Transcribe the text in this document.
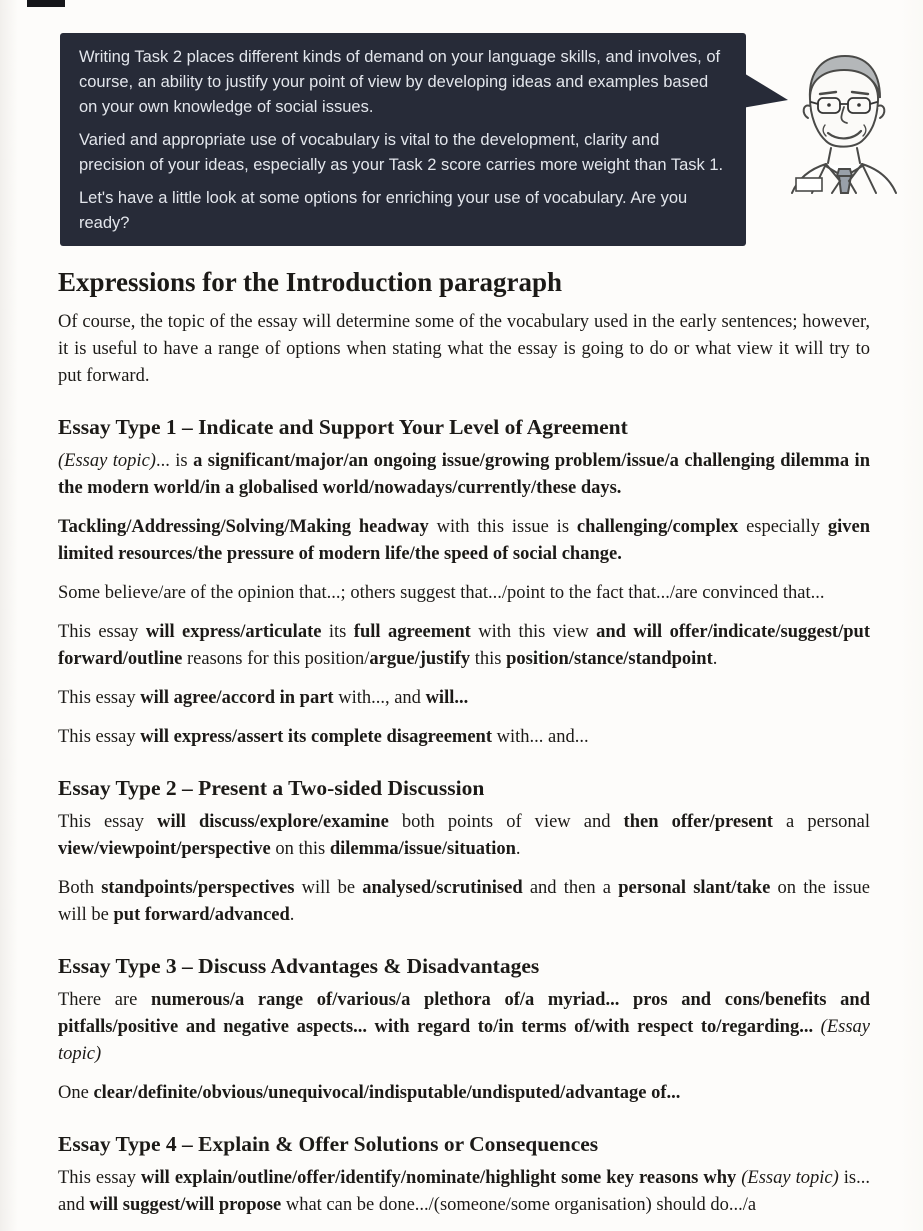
Writing Task 2 places different kinds of demand on your language skills, and involves, of course, an ability to justify your point of view by developing ideas and examples based on your own knowledge of social issues.

Varied and appropriate use of vocabulary is vital to the development, clarity and precision of your ideas, especially as your Task 2 score carries more weight than Task 1.

Let's have a little look at some options for enriching your use of vocabulary. Are you ready?

Expressions for the Introduction paragraph

Of course, the topic of the essay will determine some of the vocabulary used in the early sentences; however, it is useful to have a range of options when stating what the essay is going to do or what view it will try to put forward.

Essay Type 1 – Indicate and Support Your Level of Agreement

(Essay topic)... is a significant/major/an ongoing issue/growing problem/issue/a challenging dilemma in the modern world/in a globalised world/nowadays/currently/these days.

Tackling/Addressing/Solving/Making headway with this issue is challenging/complex especially given limited resources/the pressure of modern life/the speed of social change.

Some believe/are of the opinion that...; others suggest that.../point to the fact that.../are convinced that...

This essay will express/articulate its full agreement with this view and will offer/indicate/suggest/put forward/outline reasons for this position/argue/justify this position/stance/standpoint.

This essay will agree/accord in part with..., and will...

This essay will express/assert its complete disagreement with... and...

Essay Type 2 – Present a Two-sided Discussion

This essay will discuss/explore/examine both points of view and then offer/present a personal view/viewpoint/perspective on this dilemma/issue/situation.

Both standpoints/perspectives will be analysed/scrutinised and then a personal slant/take on the issue will be put forward/advanced.

Essay Type 3 – Discuss Advantages & Disadvantages

There are numerous/a range of/various/a plethora of/a myriad... pros and cons/benefits and pitfalls/positive and negative aspects... with regard to/in terms of/with respect to/regarding... (Essay topic)

One clear/definite/obvious/unequivocal/indisputable/undisputed/advantage of...

Essay Type 4 – Explain & Offer Solutions or Consequences

This essay will explain/outline/offer/identify/nominate/highlight some key reasons why (Essay topic) is... and will suggest/will propose what can be done.../(someone/some organisation) should do.../a
